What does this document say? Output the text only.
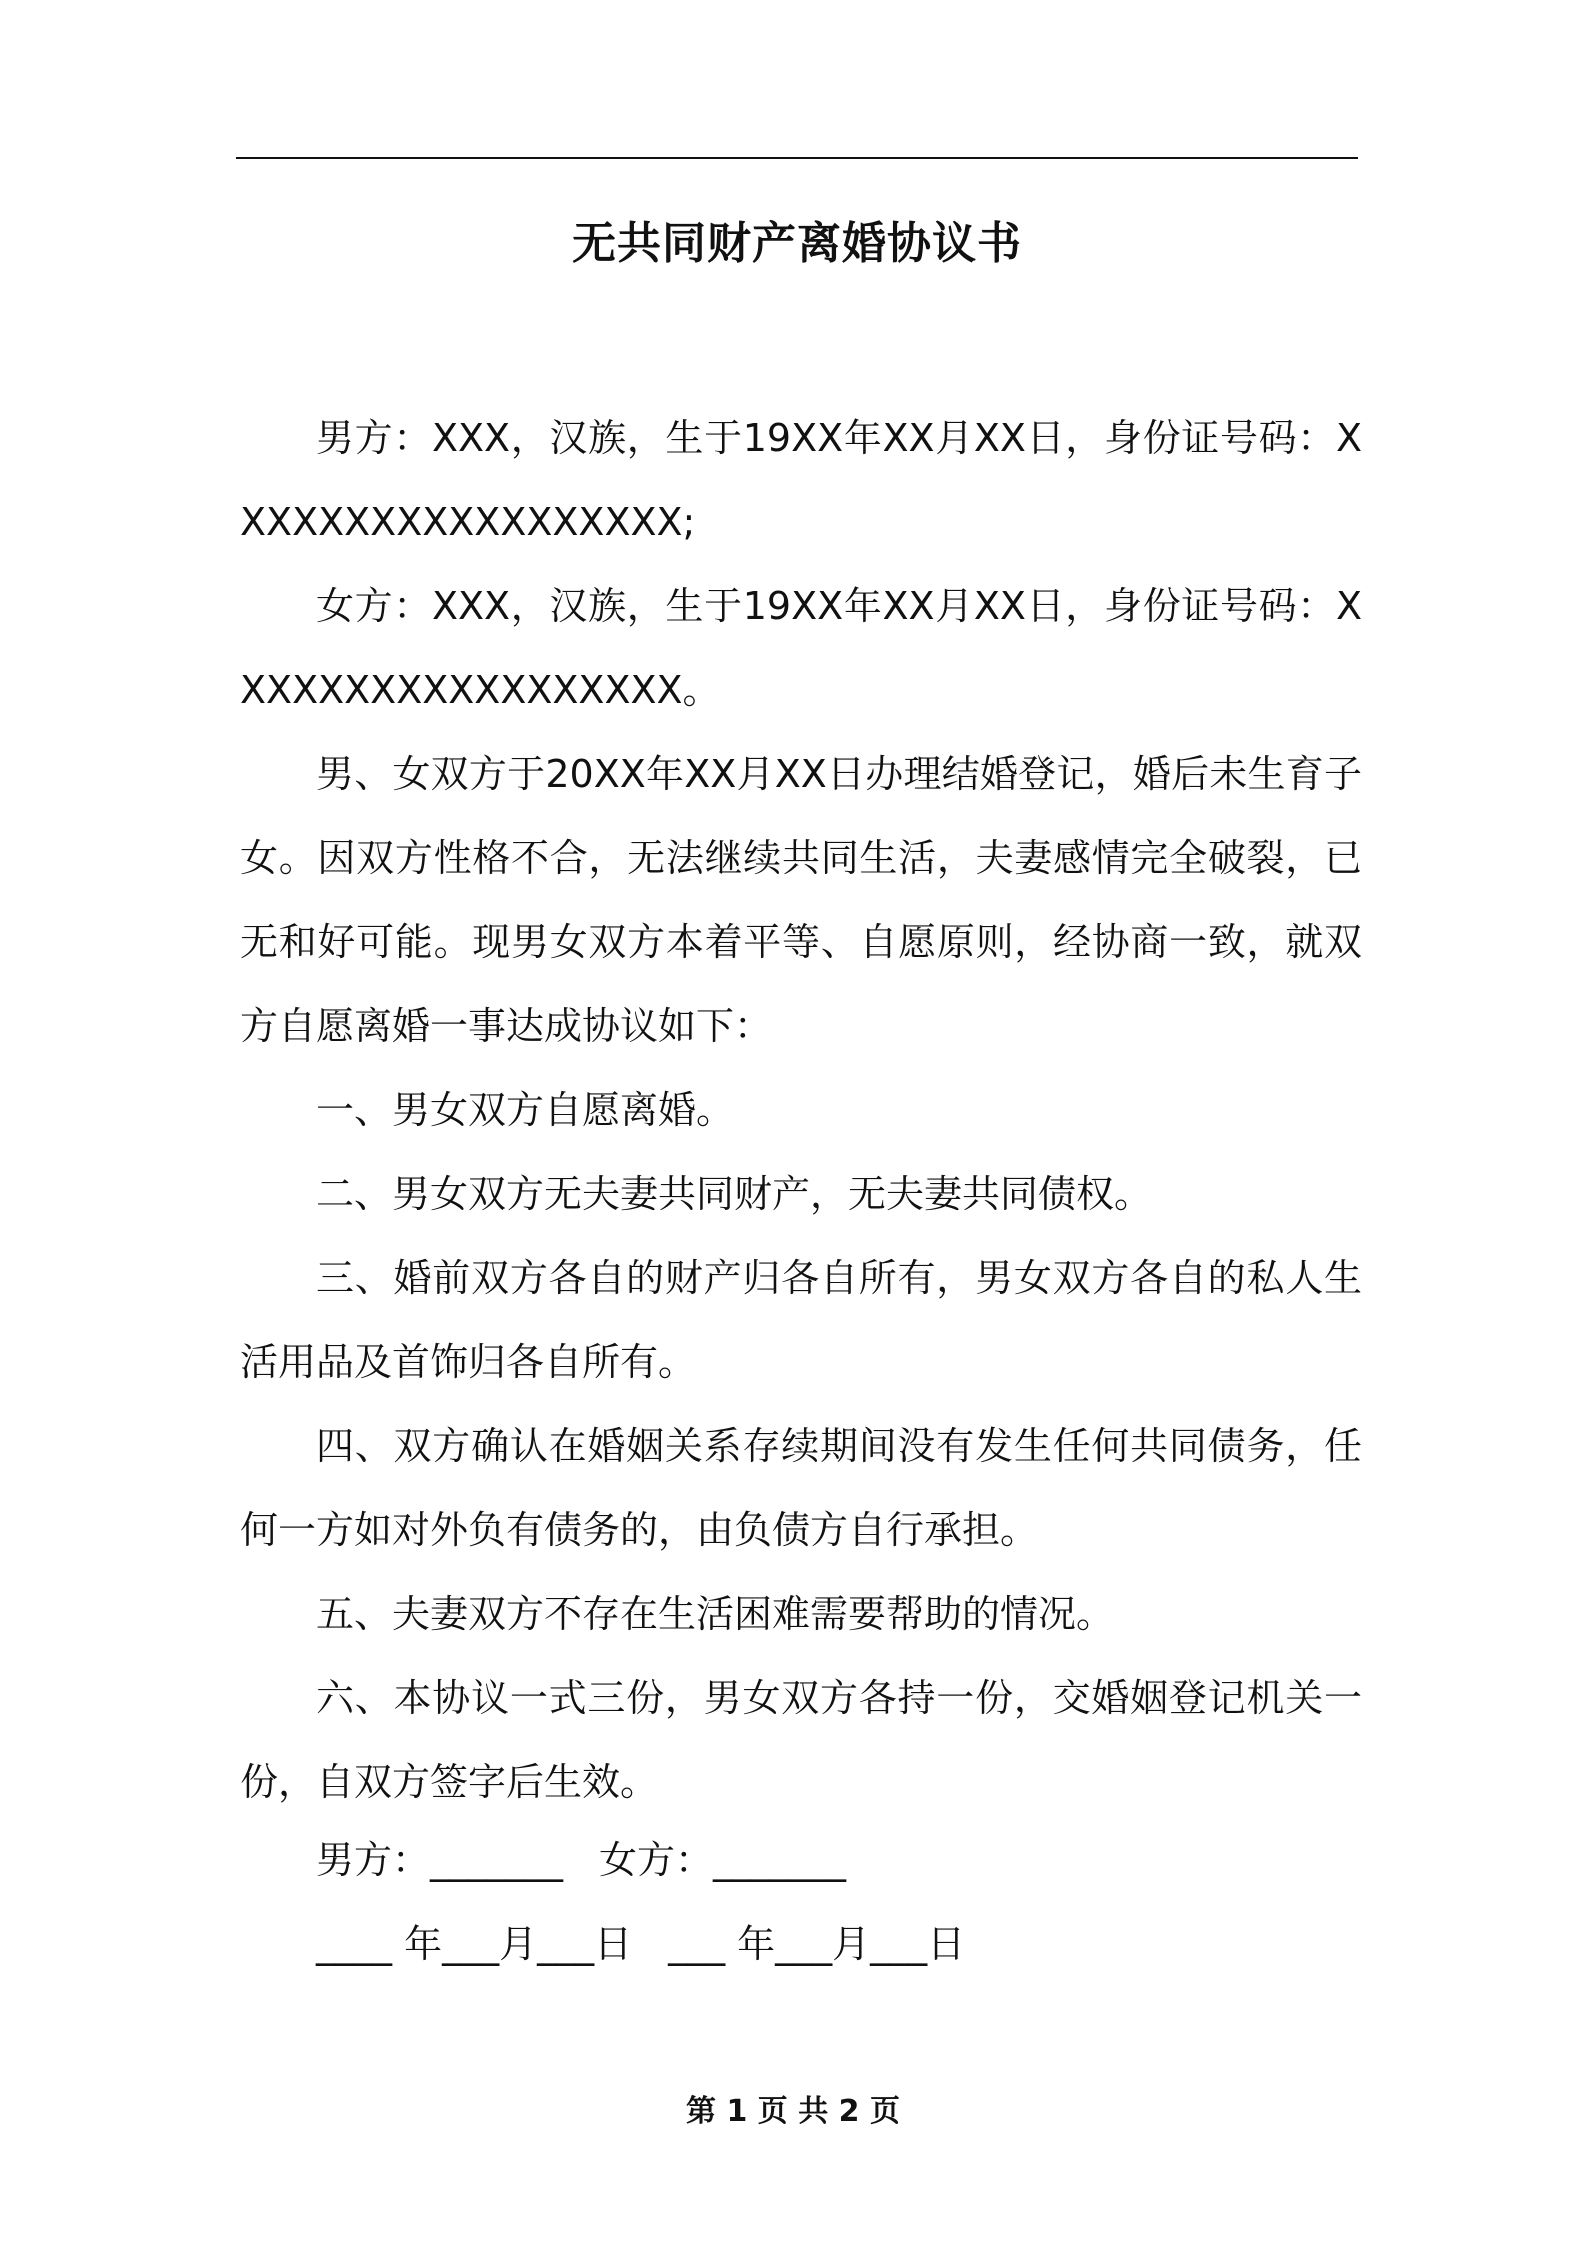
无共同财产离婚协议书

男方：XXX，汉族，生于19XX年XX月XX日，身份证号码：XXXXXXXXXXXXXXXXXX;

女方：XXX，汉族，生于19XX年XX月XX日，身份证号码：XXXXXXXXXXXXXXXXXX。

男、女双方于20XX年XX月XX日办理结婚登记，婚后未生育子女。因双方性格不合，无法继续共同生活，夫妻感情完全破裂，已无和好可能。现男女双方本着平等、自愿原则，经协商一致，就双方自愿离婚一事达成协议如下：

一、男女双方自愿离婚。

二、男女双方无夫妻共同财产，无夫妻共同债权。

三、婚前双方各自的财产归各自所有，男女双方各自的私人生活用品及首饰归各自所有。

四、双方确认在婚姻关系存续期间没有发生任何共同债务，任何一方如对外负有债务的，由负债方自行承担。

五、夫妻双方不存在生活困难需要帮助的情况。

六、本协议一式三份，男女双方各持一份，交婚姻登记机关一份，自双方签字后生效。

男方：_______ 女方：_______
____ 年___月___日 ___ 年___月___日
第 1 页 共 2 页
